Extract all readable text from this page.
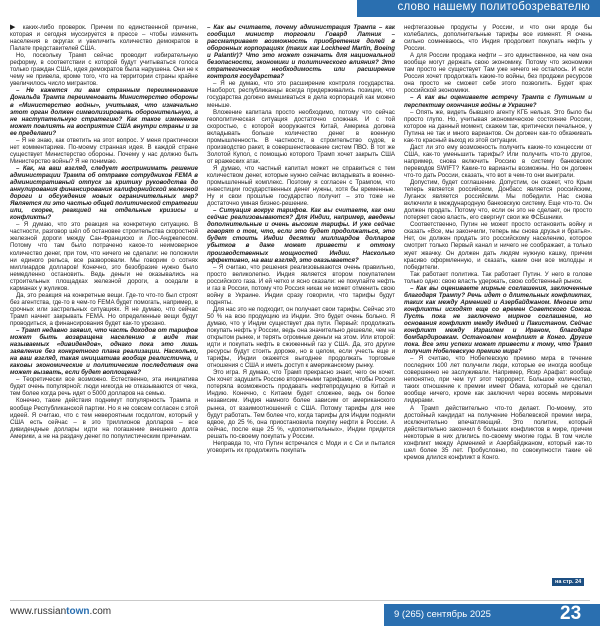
слово нашему политобозревателю

▶ каких-либо проверок. Причем по единственной причине, которая и сегодня муссируется в прессе – чтобы изменить населения в округах и увеличить количество демократов в Палате представителей США.

Но, поскольку Трамп сейчас проводит избирательную реформу, в соответствии с которой будут учитываться голоса только граждан США, идея демократов была нарушена. Они не к чему не привела, кроме того, что на территории страны крайне увеличилось число мигрантов.

– Не кажется ли вам странным переименование Дональда Трампа переименовать Министерство обороны в «Министерство войны», учитывая, что изначально этот орган должен символизировать оборонительную, а не наступательную стратегию? Как такое изменение может повлиять на восприятие США внутри страны и за ее пределами?

– Я не знаю, как ответить на этот вопрос. У меня практически нет комментариев. По-моему странная идея. В каждой стране существует Министерство обороны. Почему у нас должно быть Министерство войны? Я не понимаю.

– Как, на ваш взгляд, следует воспринимать решение администрации Трампа об отправке сотрудников FEMA в административный отпуск за критику руководства до аннулирования финансирования калифорнийской железной дороги и обсуждения новых ограничительных мер? Является ли это частью общей политической стратегии или, скорее, реакцией на отдельные кризисы и конфликты?

– Я думаю, что это реакция на конкретную ситуацию. В частности, разговор шёл об остановке строительства скоростной железной дороги между Сан-Франциско и Лос-Анджелесом. Потому что там было потрачено какое-то неимоверное количество денег, при том, что ничего не сделали: не положили ни единого рельса, все разворовали. Мы говорим о сотнях миллиардов долларов! Конечно, это безобразие нужно было немедленно остановить. Ведь деньги не оказывались на строительных площадках железной дороги, а оседали в карманах у жуликов.

Да, это реакция на конкретные вещи. Где-то что-то был строят без агентства, где-то в чем-то FEMA будет помогать, например, в срочных или застрельных ситуациях. Я не думаю, что сейчас Трамп начнет закрывать FEMA. Но определенные вещи будут проводиться, а финансирования будет как-то урезано.

– Трамп недавно заявил, что часть доходов от тарифов может быть возвращена населению в виде так называемых «дивидендов», однако пока это лишь заявление без конкретного плана реализации. Насколько, на ваш взгляд, такая инициатива вообще реалистична, и каковы экономические и политические последствия она может вызвать, если будет воплощена?

– Теоретически все возможно. Естественно, эта инициатива будет очень популярной: люди никогда не отказываются от чека, тем более когда речь идет о 5000 долларов на семью.

Конечно, такие действия поднимут популярность Трампа и вообще Республиканской партии. Но я не совсем согласен с этой идеей. Я считаю, что с тем невероятным госдолгом, который у США есть сейчас – в это триллионов долларов – все дивидендные доллары идти на погашение внешнего долга Америки, а не на раздачу денег по популистическим причинам.

– Как вы считаете, почему администрация Трампа – как сообщил министр торговли Говард Латник – рассматривает возможность приобретения долей в оборонных корпорациях (таких как Lockheed Martin, Boeing и Palantir)? Что это может означать для национальной безопасности, экономики и политического влияния? Это стратегическая необходимость или расширение контроля государства?

– Я не думаю, что это расширение контроля государства. Наоборот, республиканцы всегда придерживались позиции, что государства должно вмешиваться в дела корпораций как можно меньше.

Вложение капитала просто необходимо, потому что сейчас геополитическая ситуация достаточно сложная. И с той скоростью, с которой вооружается Китай, Америка должна вкладывать больше количество денег в военную промышленность. В частности, в строительство судов, в производство ракет, в совершенствование систем ПВО. В тот же Золотой Купол, с помощью которого Трамп хочет закрыть США от вражеских атак.

Я думаю, что частный капитал может не справиться с тем количеством денег, которые нужно сейчас вкладывать в военно-промышленный комплекс. Поэтому я согласен с Трампом, что инвестиции государственных денег нужны, хотя бы временные. Ну и свои прошлые государство получит – это тоже не достаточно умная бизнес-решение.

– Ситуация вокруг тарифов. Как вы считаете, как они сейчас реализовываются? Для Индии, например, введены дополнительные и очень высокие тарифы. И уже сейчас говорят о том, что, если это будет продолжаться, это будет стоить Индии десятки миллиардов долларов убытков в даже может привести к оттоку производственных мощностей Индии. Насколько эффективно, на ваш взгляд, это оказывается?

– Я считаю, что решения реализовываются очень правильно, просто великолепно. Индия является втором покупателем российского газа. И ей четко и ясно сказали: не покупайте нефть и газ в России, потому что Россия никак не может отменить свою войну в Украине. Индии сразу говорили, что тарифы будут подняты.

Для нас это не подходит, он получает свои тарифы. Сейчас это 50 % на всю продукцию из Индии. Это будет очень больно. Я думаю, что у Индии существует два пути. Первый: продолжать покупать нефть у России, ведь она значительно дешевле, чем на открытом рынке, и терять огромные деньги на этом. Или второй: идти и покупать нефть в сжиженный газ у США. Да, это другие ресурсы будут стоить дороже, но в целом, если учесть еще и тарифы, Индии окажется выгоднее продолжать торговые отношения с США и иметь доступ к американскому рынку.

Это игра. Я думаю, что Трамп прекрасно знает, чего он хочет. Он хочет задушить Россию вторичными тарифами, чтобы Россия потеряла возможность продавать нефтепродукцию в Китай и Индию. Конечно, с Китаем будет сложнее, ведь он более независим. Индия намного более зависим от американского рынка, от взаимоотношений с США. Потому тарифы для нее будут работать. Тем более что, когда тарифы для Индии подняли вдвое, до 25 %, она приостановила покупку нефти в России. А сейчас, после еще 25 %, «дополнительных», Индии придется решать по-своему покупать у России.

Неправда то, что Путин встречался с Моди и с Си и пытался уговорить их продолжить покупать

нефтегазовые продукты у России, и что они вроде бы колебались, дополнительные тарифы все изменят. Я очень сильно сомневаюсь, что Индия продолжит покупать нефть у России.

А для России продажа нефти – это единственное, на чем она вообще могут держать свою экономику. Потому что экономики там просто не существует Там уже ничего не осталось. И если Россия хочет продолжать какие-то войны, без продажи ресурсов она просто не сможет себе этого позволить. Будет крах российской экономики.

– А как вы оцениваете встречу Трампа с Путиным и перспективу окончания войны в Украине?

– Опять же, видеть бывшего агенту КГБ нельзя. Это было бы просто глупо. Но, учитывая экономическое состояние России, которое на данный момент, скажем так, критически печальное, у Путина не так и много вариантов. Он должен как-то обхаживать как-то красный выход из этой ситуации.

Даст ли это ему возможность получить какие-то концессии от США, как-то уменьшить тарифы? Или получить что-то другое, например, снова включить Россию в систему банковских переводов SWIFT? Какие-то варианты возможны. Но он должен что-то дать России, сказать, что вот в чем-то они выиграли.

Допустим, будет соглашение. Допустим, он скажет, что Крым теперь является российским, Донбасс является российским, Луганск является российским. Мы победили. Нас снова включили в международную банковскую систему. Еще что-то. Он должен продать. Потому что, если он это не сделает, он просто потеряет свою власть, его свергнут свои же ФСБшники.

Соответственно, Путин не может просто остановить войну и сказать «Все, мы закончили, теперь мы снова друзья и братья». Нет, он должен продать это российскому населению, которое смотрит только Первый канал и ничего не соображает, а только жует жвачку. Он должен дать людям нужную кашку, причем красиво оформленную, и сказать, какие они все молодцы и победители.

Так работает политика. Так работает Путин. У него в голове только одно: свою власть удержать, свою собственный рынок.

– Как вы оцениваете мирные соглашения, заключенные благодаря Трампу? Речь идет о длительных конфликтах, таких как между Арменией и Азербайджаном. Многие эти конфликты исходят еще со времен Советского Союза. Пусть пока не заключено мирное соглашение, но основания конфликт между Индией и Пакистаном. Сейчас конфликт между Израилем и Ираном, благодаря бомбардировкам. Остановлен конфликт в Конго. Другие пока. Все эти успехи может привести к тому, что Трамп получит Нобелевскую премию мира?

– Я считаю, что Нобелевскую премию мира в течение последних 100 лет получили люди, которые ее иногда вообще совершенно не заслуживали. Например, Ясир Арафат: вообще непонятно, при чем тут этот террорист. Большое количество, таких отношение к премии имеет Обама, который не сделал вообще ничего, кроме как заключил через восемь мировыми лидерами.

А Трамп действительно что-то делает. По-моему, это достойный кандидат на получение Нобелевской премии мира, исключительно впечатляющий. Это политик, который действительно закончил 6 больших конфликтов в мире, причем некоторые в них длились по-своему многие годы. В том числе конфликт между Арменией и Азербайджаном, который как-то шел более 35 лет. Пробусловно, по совокупности такие её кремов длился конфликт в Конго.

на стр. 24
www.russiantown.com	9 (265) сентябрь 2025	23
